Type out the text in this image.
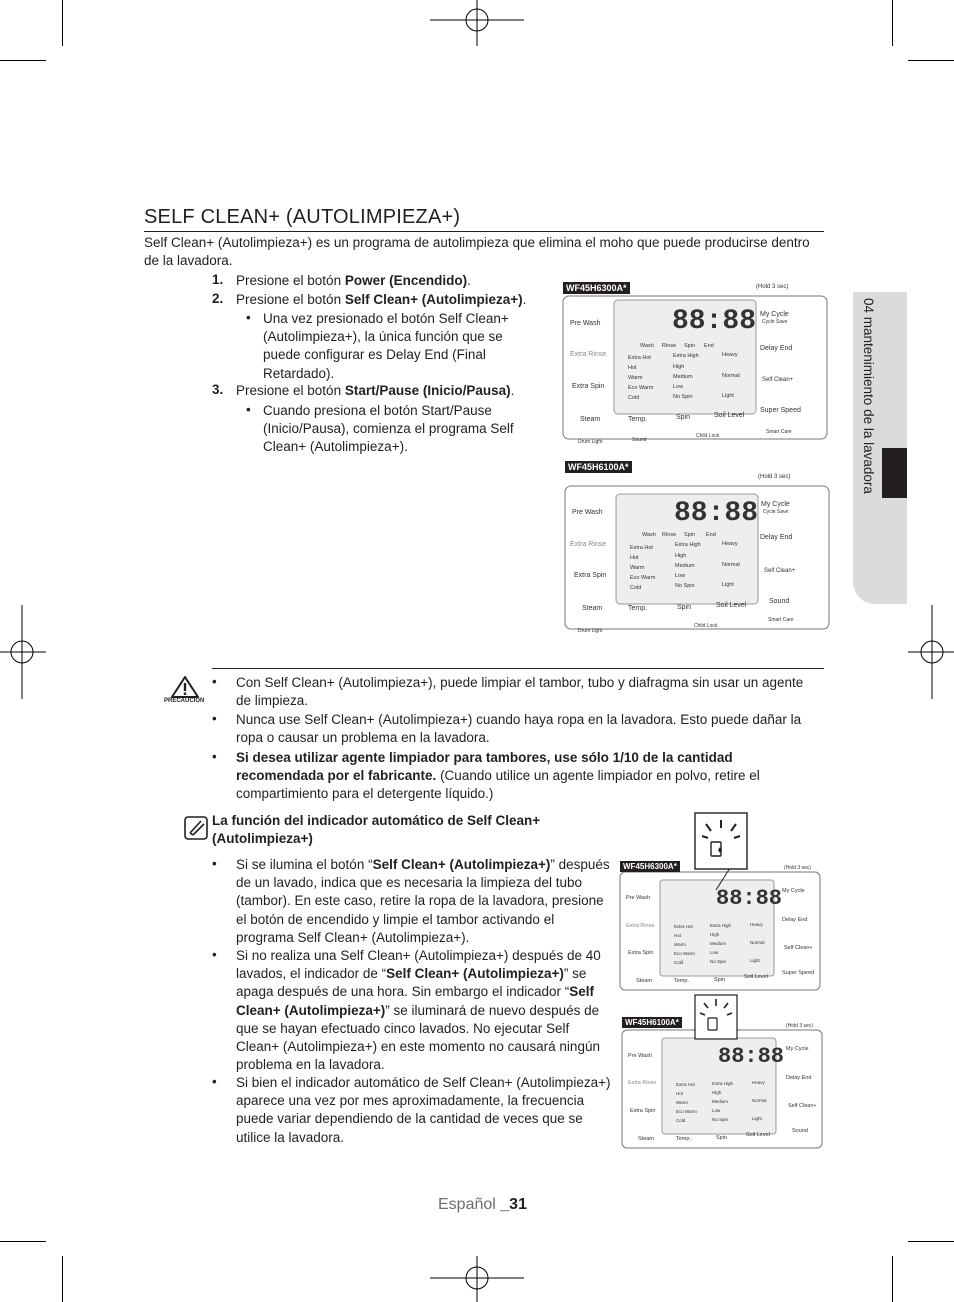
04 mantenimiento de la lavadora
SELF CLEAN+ (AUTOLIMPIEZA+)
Self Clean+ (Autolimpieza+) es un programa de autolimpieza que elimina el moho que puede producirse dentro de la lavadora.
1. Presione el botón Power (Encendido).
2. Presione el botón Self Clean+ (Autolimpieza+).
• Una vez presionado el botón Self Clean+ (Autolimpieza+), la única función que se puede configurar es Delay End (Final Retardado).
3. Presione el botón Start/Pause (Inicio/Pausa).
• Cuando presiona el botón Start/Pause (Inicio/Pausa), comienza el programa Self Clean+ (Autolimpieza+).
(Hold 3 sec)
88:88
Pre Wash
Extra Rinse
Extra Spin
Steam
My Cycle
Cycle Save
Delay End
Self Clean+
Super Speed
Temp.	Spin	Soil Level
Wash Rinse Spin End
Extra Hot
Hot
Warm
Eco Warm
Cold
Extra High
High
Medium
Low
No Spin
Heavy
Normal
Light
Drum Light	Sound
Child Lock
Smart Care
WF45H6300A*
(Hold 3 sec)
88:88
Pre Wash
Extra Rinse
Extra Spin
Steam
My Cycle
Cycle Save
Delay End
Self Clean+
Sound
Temp.	Spin	Soil Level
Wash Rinse Spin End
Extra Hot
Hot
Warm
Eco Warm
Cold
Extra High
High
Medium
Low
No Spin
Heavy
Normal
Light
Drum Light
Child Lock
Smart Care
WF45H6100A*
PRECAUCIÓN
• Con Self Clean+ (Autolimpieza+), puede limpiar el tambor, tubo y diafragma sin usar un agente de limpieza.
• Nunca use Self Clean+ (Autolimpieza+) cuando haya ropa en la lavadora. Esto puede dañar la ropa o causar un problema en la lavadora.
• Si desea utilizar agente limpiador para tambores, use sólo 1/10 de la cantidad recomendada por el fabricante. (Cuando utilice un agente limpiador en polvo, retire el compartimiento para el detergente líquido.)
La función del indicador automático de Self Clean+ (Autolimpieza+)
• Si se ilumina el botón “Self Clean+ (Autolimpieza+)” después de un lavado, indica que es necesaria la limpieza del tubo (tambor). En este caso, retire la ropa de la lavadora, presione el botón de encendido y limpie el tambor activando el programa Self Clean+ (Autolimpieza+).
• Si no realiza una Self Clean+ (Autolimpieza+) después de 40 lavados, el indicador de “Self Clean+ (Autolimpieza+)” se apaga después de una hora. Sin embargo el indicador “Self Clean+ (Autolimpieza+)” se iluminará de nuevo después de que se hayan efectuado cinco lavados. No ejecutar Self Clean+ (Autolimpieza+) en este momento no causará ningún problema en la lavadora.
• Si bien el indicador automático de Self Clean+ (Autolimpieza+) aparece una vez por mes aproximadamente, la frecuencia puede variar dependiendo de la cantidad de veces que se utilice la lavadora.
(Hold 3 sec)
88:88
Pre Wash
Extra Rinse
Extra Spin
Steam
My Cycle
Delay End
Self Clean+
Super Speed
Temp.	Spin	Soil Level
Extra Hot
Hot
Warm
Eco Warm
Cold
Extra High
High
Medium
Low
No Spin
Heavy
Normal
Light
WF45H6300A*
(Hold 3 sec)
88:88
Pre Wash
Extra Rinse
Extra Spin
Steam
My Cycle
Delay End
Self Clean+
Sound
Temp.	Spin	Soil Level
Extra Hot
Hot
Warm
Eco Warm
Cold
Extra High
High
Medium
Low
No Spin
Heavy
Normal
Light
WF45H6100A*
Español _31
